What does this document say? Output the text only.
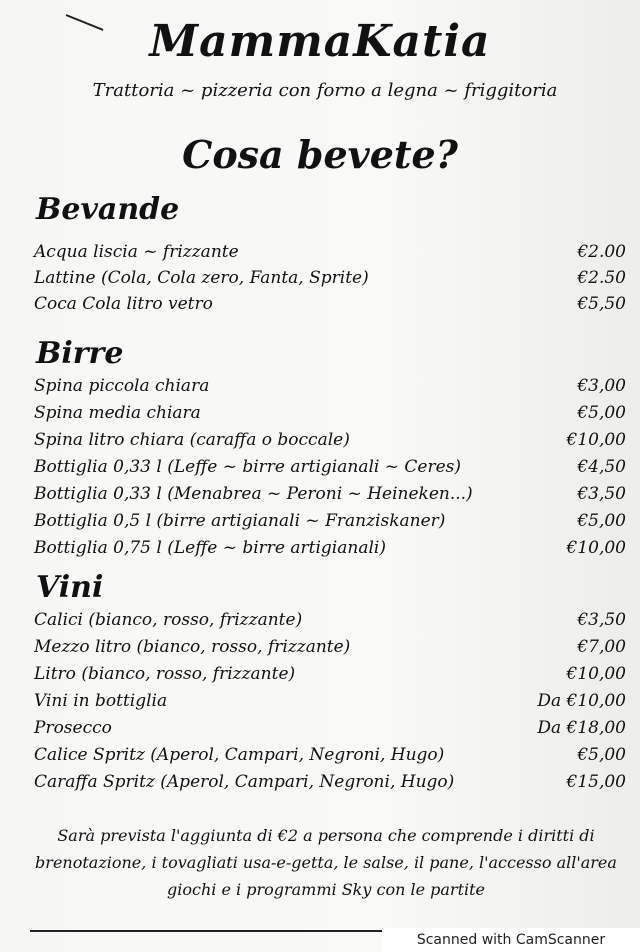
MammaKatia
Trattoria ~ pizzeria con forno a legna ~ friggitoria
Cosa bevete?
Bevande
Acqua liscia ~ frizzante	€2.00
Lattine (Cola, Cola zero, Fanta, Sprite)	€2.50
Coca Cola litro vetro	€5,50
Birre
Spina piccola chiara	€3,00
Spina media chiara	€5,00
Spina litro chiara (caraffa o boccale)	€10,00
Bottiglia 0,33 l (Leffe ~ birre artigianali ~ Ceres)	€4,50
Bottiglia 0,33 l (Menabrea ~ Peroni ~ Heineken...)	€3,50
Bottiglia 0,5 l (birre artigianali ~ Franziskaner)	€5,00
Bottiglia 0,75 l (Leffe ~ birre artigianali)	€10,00
Vini
Calici (bianco, rosso, frizzante)	€3,50
Mezzo litro (bianco, rosso, frizzante)	€7,00
Litro (bianco, rosso, frizzante)	€10,00
Vini in bottiglia	Da €10,00
Prosecco	Da €18,00
Calice Spritz (Aperol, Campari, Negroni, Hugo)	€5,00
Caraffa Spritz (Aperol, Campari, Negroni, Hugo)	€15,00
Sarà prevista l'aggiunta di €2 a persona che comprende i diritti di
brenotazione, i tovagliati usa-e-getta, le salse, il pane, l'accesso all'area
giochi e i programmi Sky con le partite
Scanned with CamScanner
